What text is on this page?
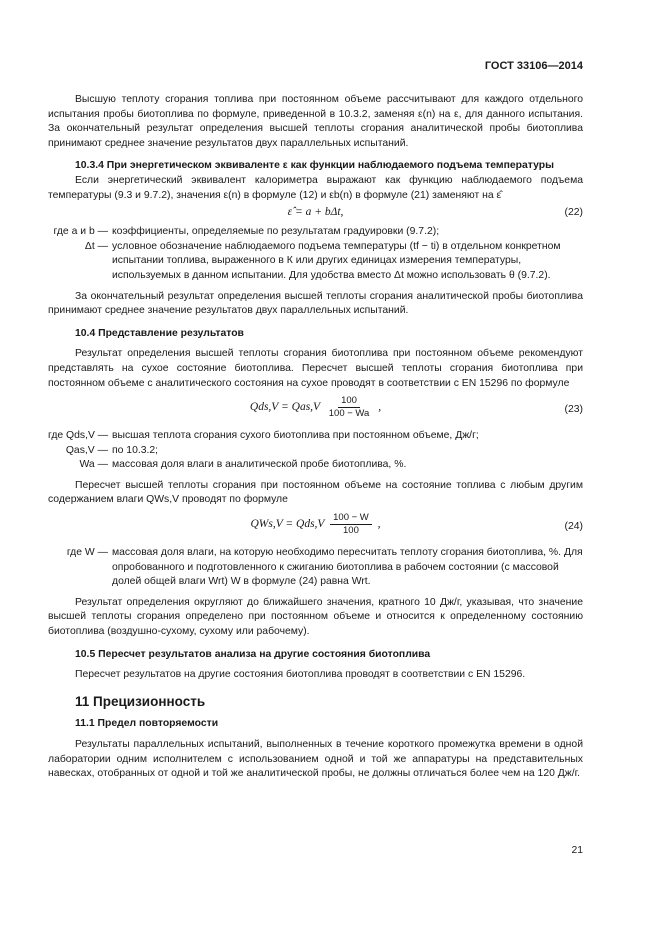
ГОСТ 33106—2014

Высшую теплоту сгорания топлива при постоянном объеме рассчитывают для каждого отдельного испытания пробы биотоплива по формуле, приведенной в 10.3.2, заменяя ε(n) на ε, для данного испытания. За окончательный результат определения высшей теплоты сгорания аналитической пробы биотоплива принимают среднее значение результатов двух параллельных испытаний.

10.3.4 При энергетическом эквиваленте ε как функции наблюдаемого подъема температуры

Если энергетический эквивалент калориметра выражают как функцию наблюдаемого подъема температуры (9.3 и 9.7.2), значения ε(n) в формуле (12) и εb(n) в формуле (21) заменяют на ε̂

ε̂ = a + bΔt,	(22)
где a и b — коэффициенты, определяемые по результатам градуировки (9.7.2);
Δt — условное обозначение наблюдаемого подъема температуры (tf − ti) в отдельном конкретном испытании топлива, выраженного в К или других единицах измерения температуры, используемых в данном испытании. Для удобства вместо Δt можно использовать θ (9.7.2).

За окончательный результат определения высшей теплоты сгорания аналитической пробы биотоплива принимают среднее значение результатов двух параллельных испытаний.

10.4 Представление результатов

Результат определения высшей теплоты сгорания биотоплива при постоянном объеме рекомендуют представлять на сухое состояние биотоплива. Пересчет высшей теплоты сгорания биотоплива при постоянном объеме с аналитического состояния на сухое проводят в соответствии с EN 15296 по формуле

$Qds,V = Qas,V \frac{100}{100 - Wa}$ ,	(23)
где Qds,V — высшая теплота сгорания сухого биотоплива при постоянном объеме, Дж/г;
Qas,V — по 10.3.2;
Wa — массовая доля влаги в аналитической пробе биотоплива, %.

Пересчет высшей теплоты сгорания при постоянном объеме на состояние топлива с любым другим содержанием влаги QWs,V проводят по формуле

$QWs,V = Qds,V \frac{100 - W}{100}$ ,	(24)
где W — массовая доля влаги, на которую необходимо пересчитать теплоту сгорания биотоплива, %. Для опробованного и подготовленного к сжиганию биотоплива в рабочем состоянии (с массовой долей общей влаги Wrt) W в формуле (24) равна Wrt.

Результат определения округляют до ближайшего значения, кратного 10 Дж/г, указывая, что значение высшей теплоты сгорания определено при постоянном объеме и относится к определенному состоянию биотоплива (воздушно-сухому, сухому или рабочему).

10.5 Пересчет результатов анализа на другие состояния биотоплива

Пересчет результатов на другие состояния биотоплива проводят в соответствии с EN 15296.

11 Прецизионность

11.1 Предел повторяемости

Результаты параллельных испытаний, выполненных в течение короткого промежутка времени в одной лаборатории одним исполнителем с использованием одной и той же аппаратуры на представительных навесках, отобранных от одной и той же аналитической пробы, не должны отличаться более чем на 120 Дж/г.

21
